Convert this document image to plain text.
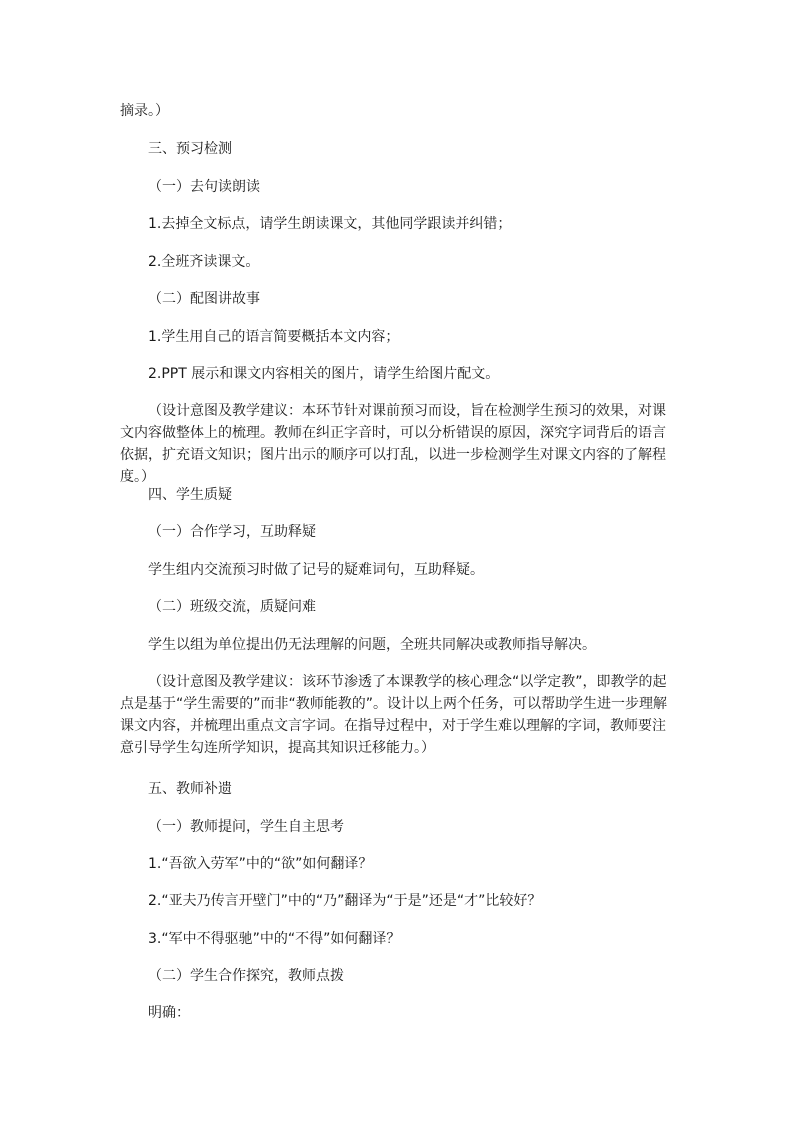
摘录。）

三、预习检测

（一）去句读朗读

1.去掉全文标点，请学生朗读课文，其他同学跟读并纠错；

2.全班齐读课文。

（二）配图讲故事

1.学生用自己的语言简要概括本文内容；

2.PPT 展示和课文内容相关的图片，请学生给图片配文。

（设计意图及教学建议：本环节针对课前预习而设，旨在检测学生预习的效果，对课文内容做整体上的梳理。教师在纠正字音时，可以分析错误的原因，深究字词背后的语言依据，扩充语文知识；图片出示的顺序可以打乱，以进一步检测学生对课文内容的了解程度。）

四、学生质疑

（一）合作学习，互助释疑

学生组内交流预习时做了记号的疑难词句，互助释疑。

（二）班级交流，质疑问难

学生以组为单位提出仍无法理解的问题，全班共同解决或教师指导解决。

（设计意图及教学建议：该环节渗透了本课教学的核心理念“以学定教”，即教学的起点是基于“学生需要的”而非“教师能教的”。设计以上两个任务，可以帮助学生进一步理解课文内容，并梳理出重点文言字词。在指导过程中，对于学生难以理解的字词，教师要注意引导学生勾连所学知识，提高其知识迁移能力。）

五、教师补遗

（一）教师提问，学生自主思考

1.“吾欲入劳军”中的“欲”如何翻译？

2.“亚夫乃传言开壁门”中的“乃”翻译为“于是”还是“才”比较好？

3.“军中不得驱驰”中的“不得”如何翻译？

（二）学生合作探究，教师点拨

明确：
